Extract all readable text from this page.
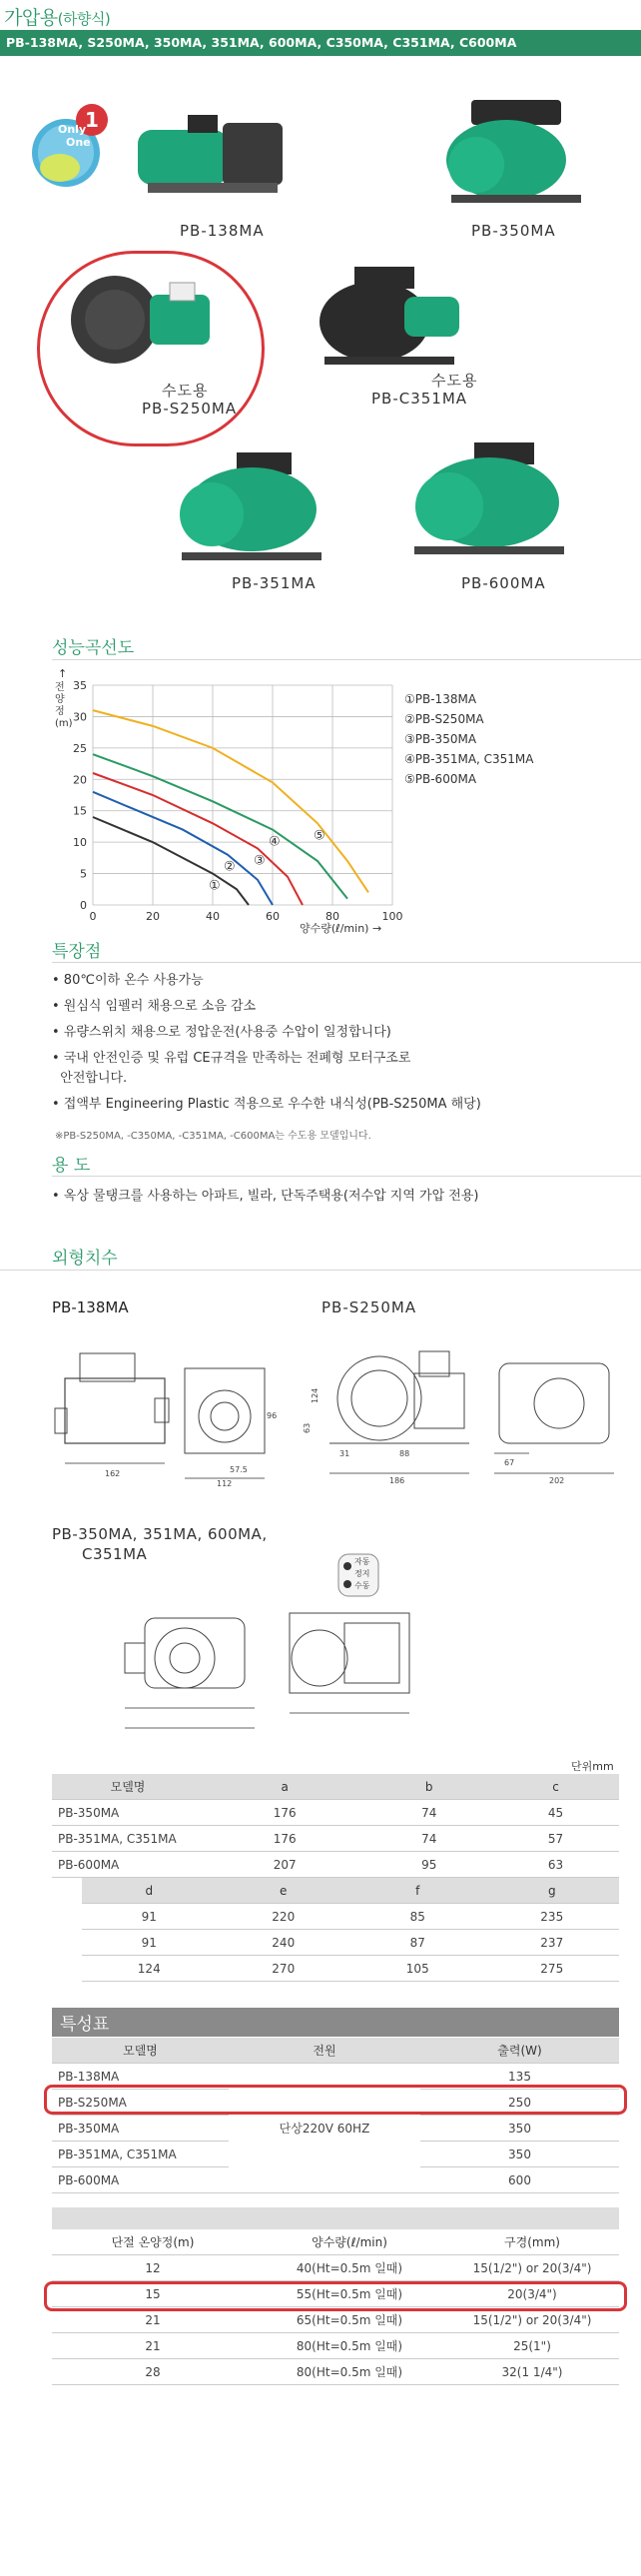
가압용(하향식)
PB-138MA, S250MA, 350MA, 351MA, 600MA, C350MA, C351MA, C600MA
1
Only
One
PB-138MA	PB-350MA
수도용
PB-S250MA
수도용
PB-C351MA
PB-351MA	PB-600MA
성능곡선도
0
5
10
15
20
25
30
35
0	20	40	60	80	100
①
② ③
④	⑤
↑
전
양
정
(m)
양수량(ℓ/min) →
①PB-138MA
②PB-S250MA
③PB-350MA
④PB-351MA, C351MA
⑤PB-600MA
특장점
• 80℃이하 온수 사용가능
• 원심식 임펠러 채용으로 소음 감소
• 유량스위치 채용으로 정압운전(사용중 수압이 일정합니다)
• 국내 안전인증 및 유럽 CE규격을 만족하는 전폐형 모터구조로
안전합니다.
• 접액부 Engineering Plastic 적용으로 우수한 내식성(PB-S250MA 해당)
※PB-S250MA, -C350MA, -C351MA, -C600MA는 수도용 모델입니다.
용 도
• 옥상 물탱크를 사용하는 아파트, 빌라, 단독주택용(저수압 지역 가압 전용)
외형치수
PB-138MA	PB-S250MA
162	57.5
112
96
124
63
31	88
186
67
202
PB-350MA, 351MA, 600MA,
C351MA	자동
정지
수동
단위mm
모델명	a	b	c
PB-350MA	176	74	45
PB-351MA, C351MA	176	74	57
PB-600MA	207	95	63
d	e	f	g
91	220	85	235
91	240	87	237
124	270	105	275
특성표
모델명	전원	출력(W)
PB-138MA	단상220V 60HZ	135
PB-S250MA		250
PB-350MA		350
PB-351MA, C351MA		350
PB-600MA		600
단절 온양정(m)	양수량(ℓ/min)	구경(mm)
12	40(Ht=0.5m 일때)	15(1/2") or 20(3/4")
15	55(Ht=0.5m 일때)	20(3/4")
21	65(Ht=0.5m 일때)	15(1/2") or 20(3/4")
21	80(Ht=0.5m 일때)	25(1")
28	80(Ht=0.5m 일때)	32(1 1/4")
